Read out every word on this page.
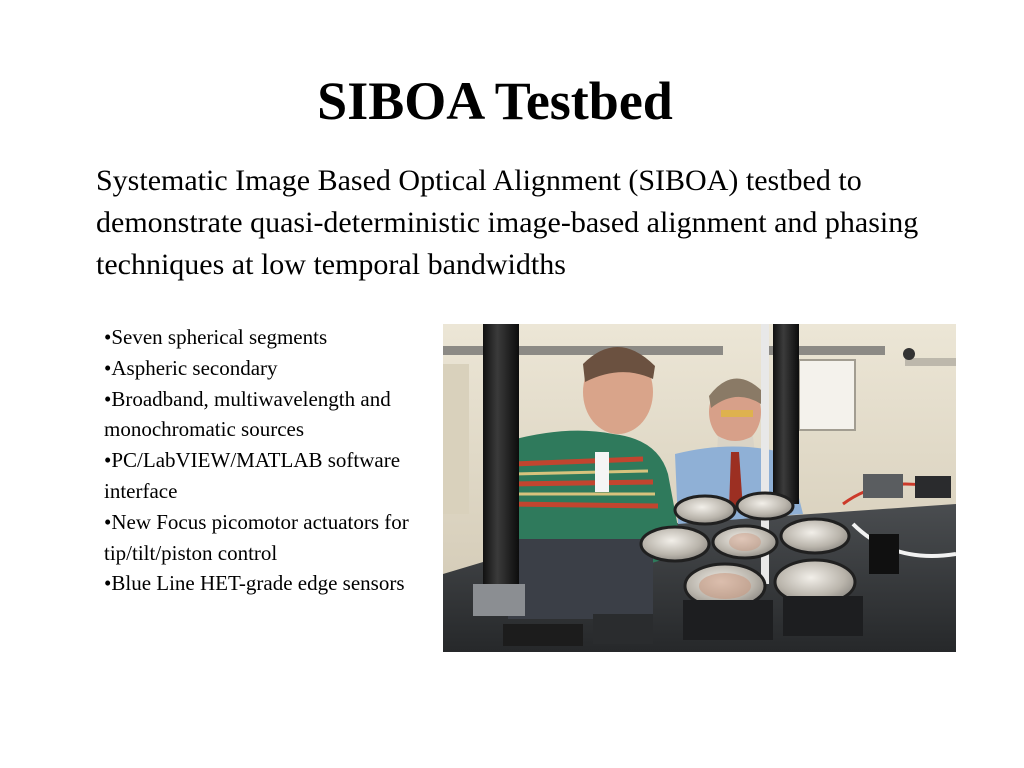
SIBOA Testbed

Systematic Image Based Optical Alignment (SIBOA) testbed to demonstrate quasi-deterministic image-based alignment and phasing techniques at low temporal bandwidths

•Seven spherical segments
•Aspheric secondary
•Broadband, multiwavelength and monochromatic sources
•PC/LabVIEW/MATLAB software interface
•New Focus picomotor actuators for tip/tilt/piston control
•Blue Line HET-grade edge sensors
